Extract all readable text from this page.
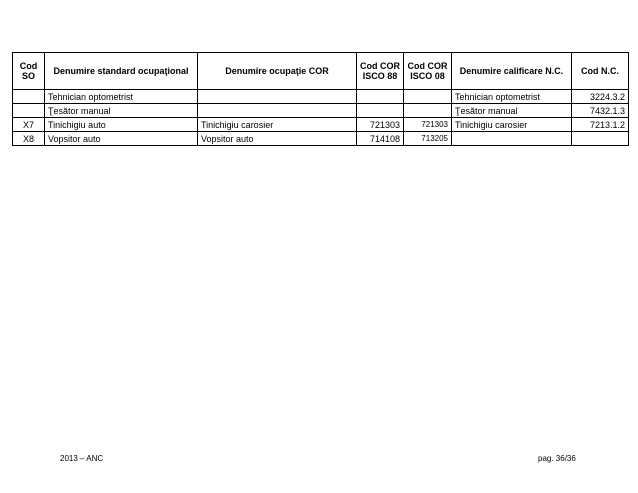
Cod SO	Denumire standard ocupaţional	Denumire ocupaţie COR	Cod COR ISCO 88	Cod COR ISCO 08	Denumire calificare N.C.	Cod N.C.
	Tehnician optometrist				Tehnician optometrist	3224.3.2
	Ţesător manual				Ţesător manual	7432.1.3
X7	Tinichigiu auto	Tinichigiu carosier	721303	721303	Tinichigiu carosier	7213.1.2
X8	Vopsitor auto	Vopsitor auto	714108	713205		
2013 – ANC	pag. 36/36
